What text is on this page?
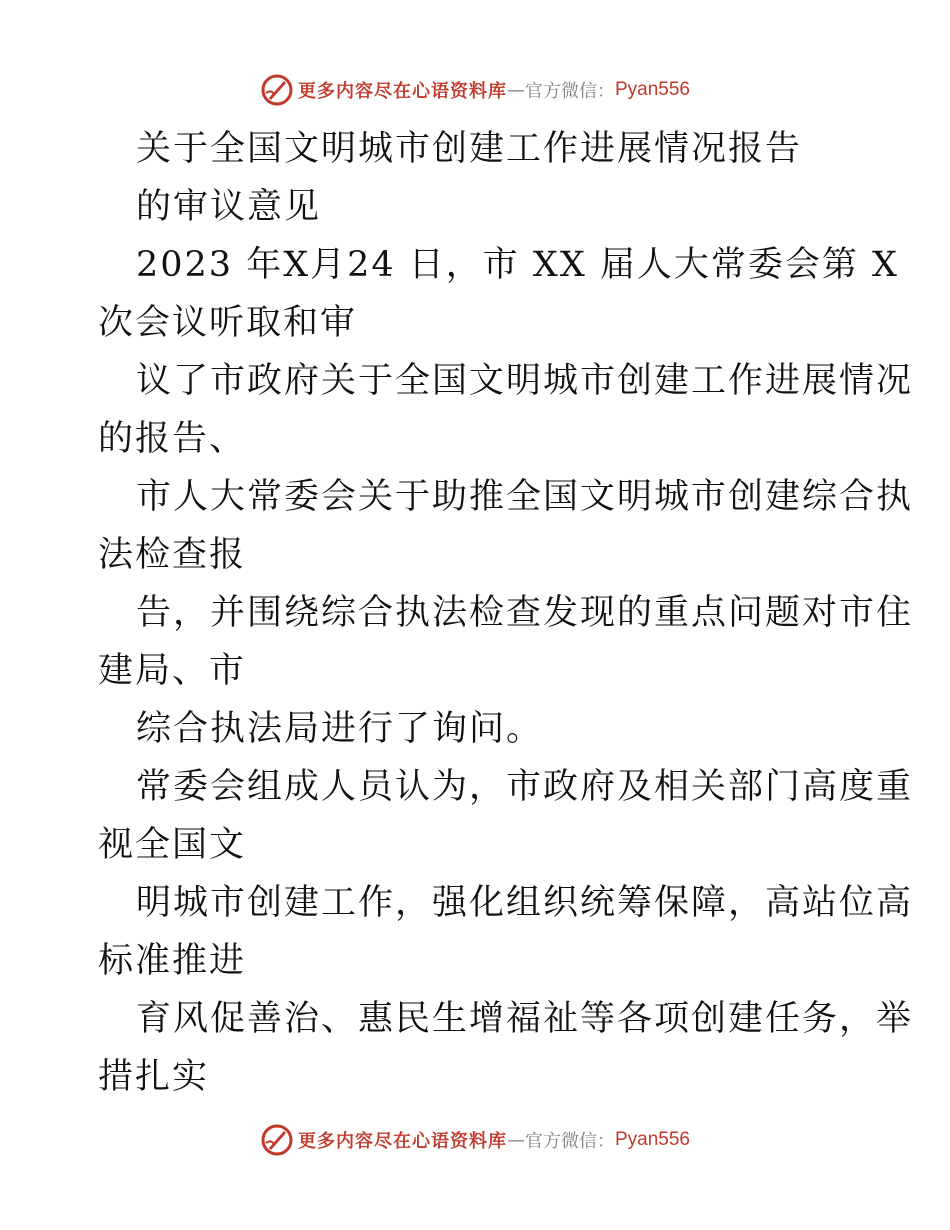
更多内容尽在心语资料库 — 官方微信： Pyan556
关于全国文明城市创建工作进展情况报告
的审议意见
2023 年X月24 日，市 XX 届人大常委会第 X
次会议听取和审
议了市政府关于全国文明城市创建工作进展情况
的报告、
市人大常委会关于助推全国文明城市创建综合执
法检查报
告，并围绕综合执法检查发现的重点问题对市住
建局、市
综合执法局进行了询问。
常委会组成人员认为，市政府及相关部门高度重
视全国文
明城市创建工作，强化组织统筹保障，高站位高
标准推进
育风促善治、惠民生增福祉等各项创建任务，举
措扎实
更多内容尽在心语资料库 — 官方微信： Pyan556
